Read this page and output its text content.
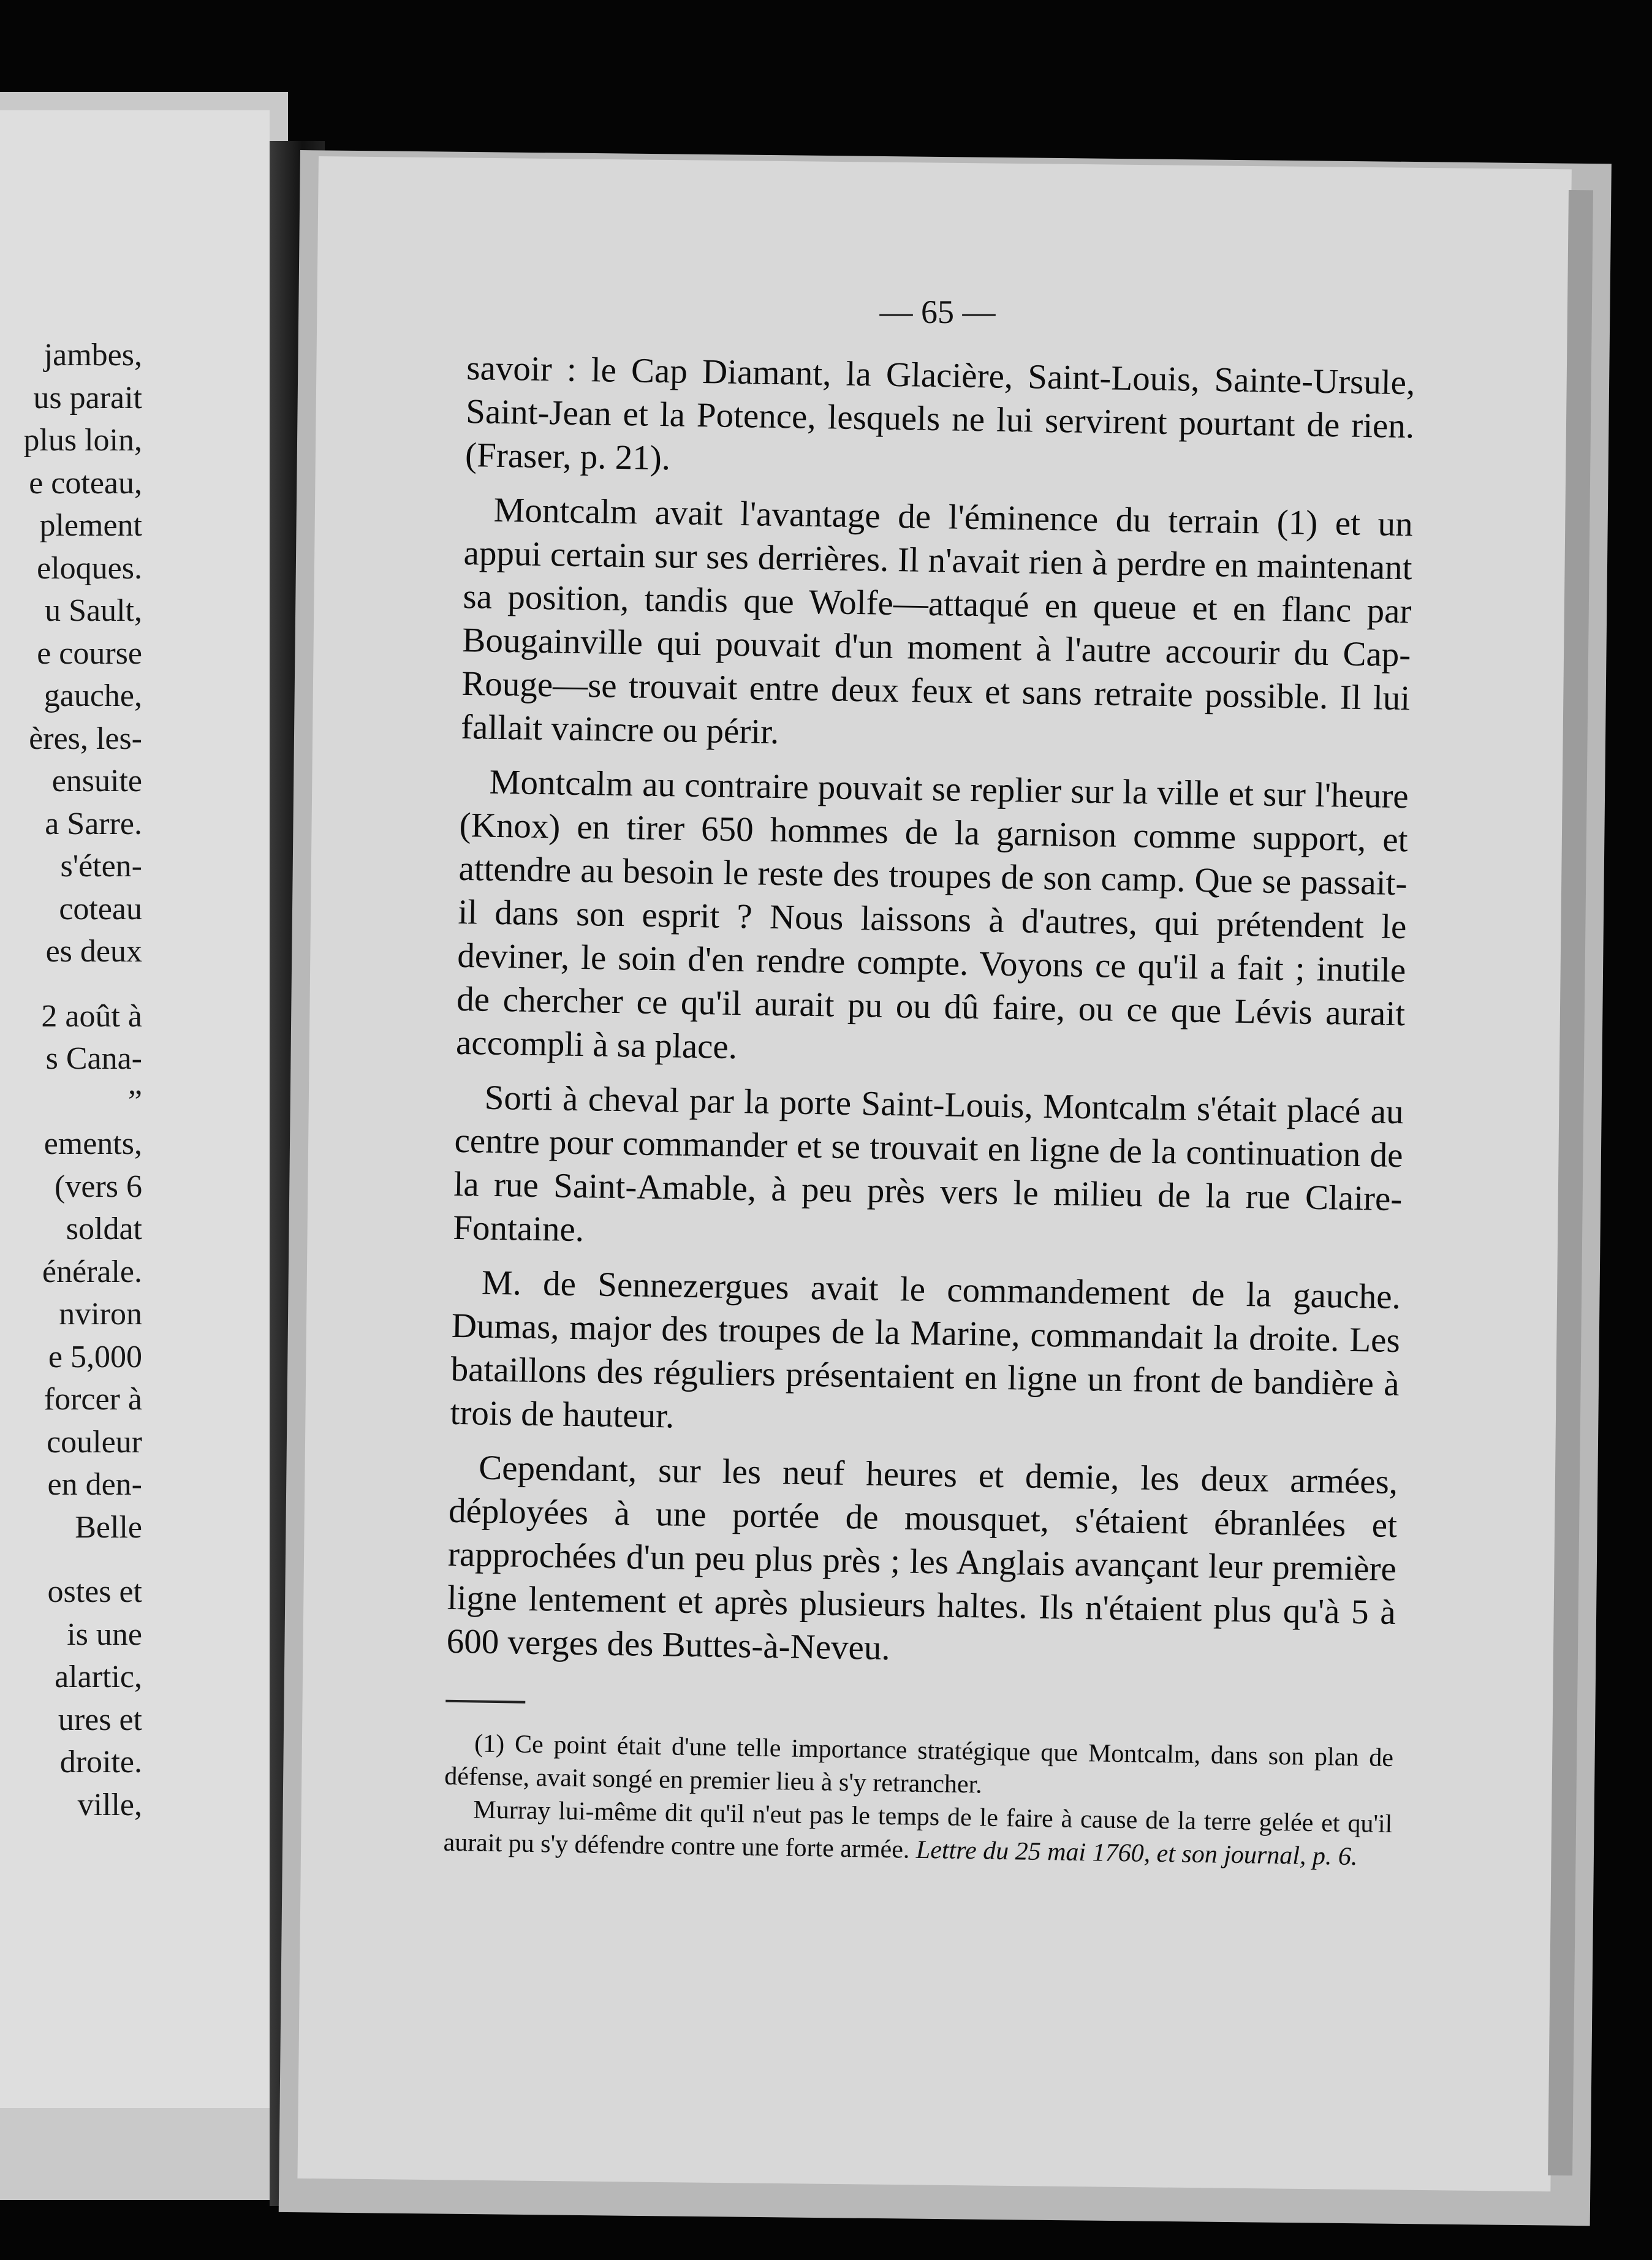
jambes,
us parait
plus loin,
e coteau,
plement
eloques.
u Sault,
e course
gauche,
ères, les-
ensuite
a Sarre.
s'éten-
coteau
es deux
2 août à
s Cana-
”
ements,
(vers 6
soldat
énérale.
nviron
e 5,000
forcer à
couleur
en den-
Belle
ostes et
is une
alartic,
ures et
droite.
ville,
— 65 —

savoir : le Cap Diamant, la Glacière, Saint-Louis, Sainte-Ursule, Saint-Jean et la Potence, lesquels ne lui servirent pourtant de rien. (Fraser, p. 21).

Montcalm avait l'avantage de l'éminence du terrain (1) et un appui certain sur ses derrières. Il n'avait rien à perdre en maintenant sa position, tandis que Wolfe—attaqué en queue et en flanc par Bougainville qui pouvait d'un moment à l'autre accourir du Cap-Rouge—se trouvait entre deux feux et sans retraite possible. Il lui fallait vaincre ou périr.

Montcalm au contraire pouvait se replier sur la ville et sur l'heure (Knox) en tirer 650 hommes de la garnison comme support, et attendre au besoin le reste des troupes de son camp. Que se passait-il dans son esprit ? Nous laissons à d'autres, qui prétendent le deviner, le soin d'en rendre compte. Voyons ce qu'il a fait ; inutile de chercher ce qu'il aurait pu ou dû faire, ou ce que Lévis aurait accompli à sa place.

Sorti à cheval par la porte Saint-Louis, Montcalm s'était placé au centre pour commander et se trouvait en ligne de la continuation de la rue Saint-Amable, à peu près vers le milieu de la rue Claire-Fontaine.

M. de Sennezergues avait le commandement de la gauche. Dumas, major des troupes de la Marine, commandait la droite. Les bataillons des réguliers présentaient en ligne un front de bandière à trois de hauteur.

Cependant, sur les neuf heures et demie, les deux armées, déployées à une portée de mousquet, s'étaient ébranlées et rapprochées d'un peu plus près ; les Anglais avançant leur première ligne lentement et après plusieurs haltes. Ils n'étaient plus qu'à 5 à 600 verges des Buttes-à-Neveu.

(1) Ce point était d'une telle importance stratégique que Montcalm, dans son plan de défense, avait songé en premier lieu à s'y retrancher.

Murray lui-même dit qu'il n'eut pas le temps de le faire à cause de la terre gelée et qu'il aurait pu s'y défendre contre une forte armée. Lettre du 25 mai 1760, et son journal, p. 6.
